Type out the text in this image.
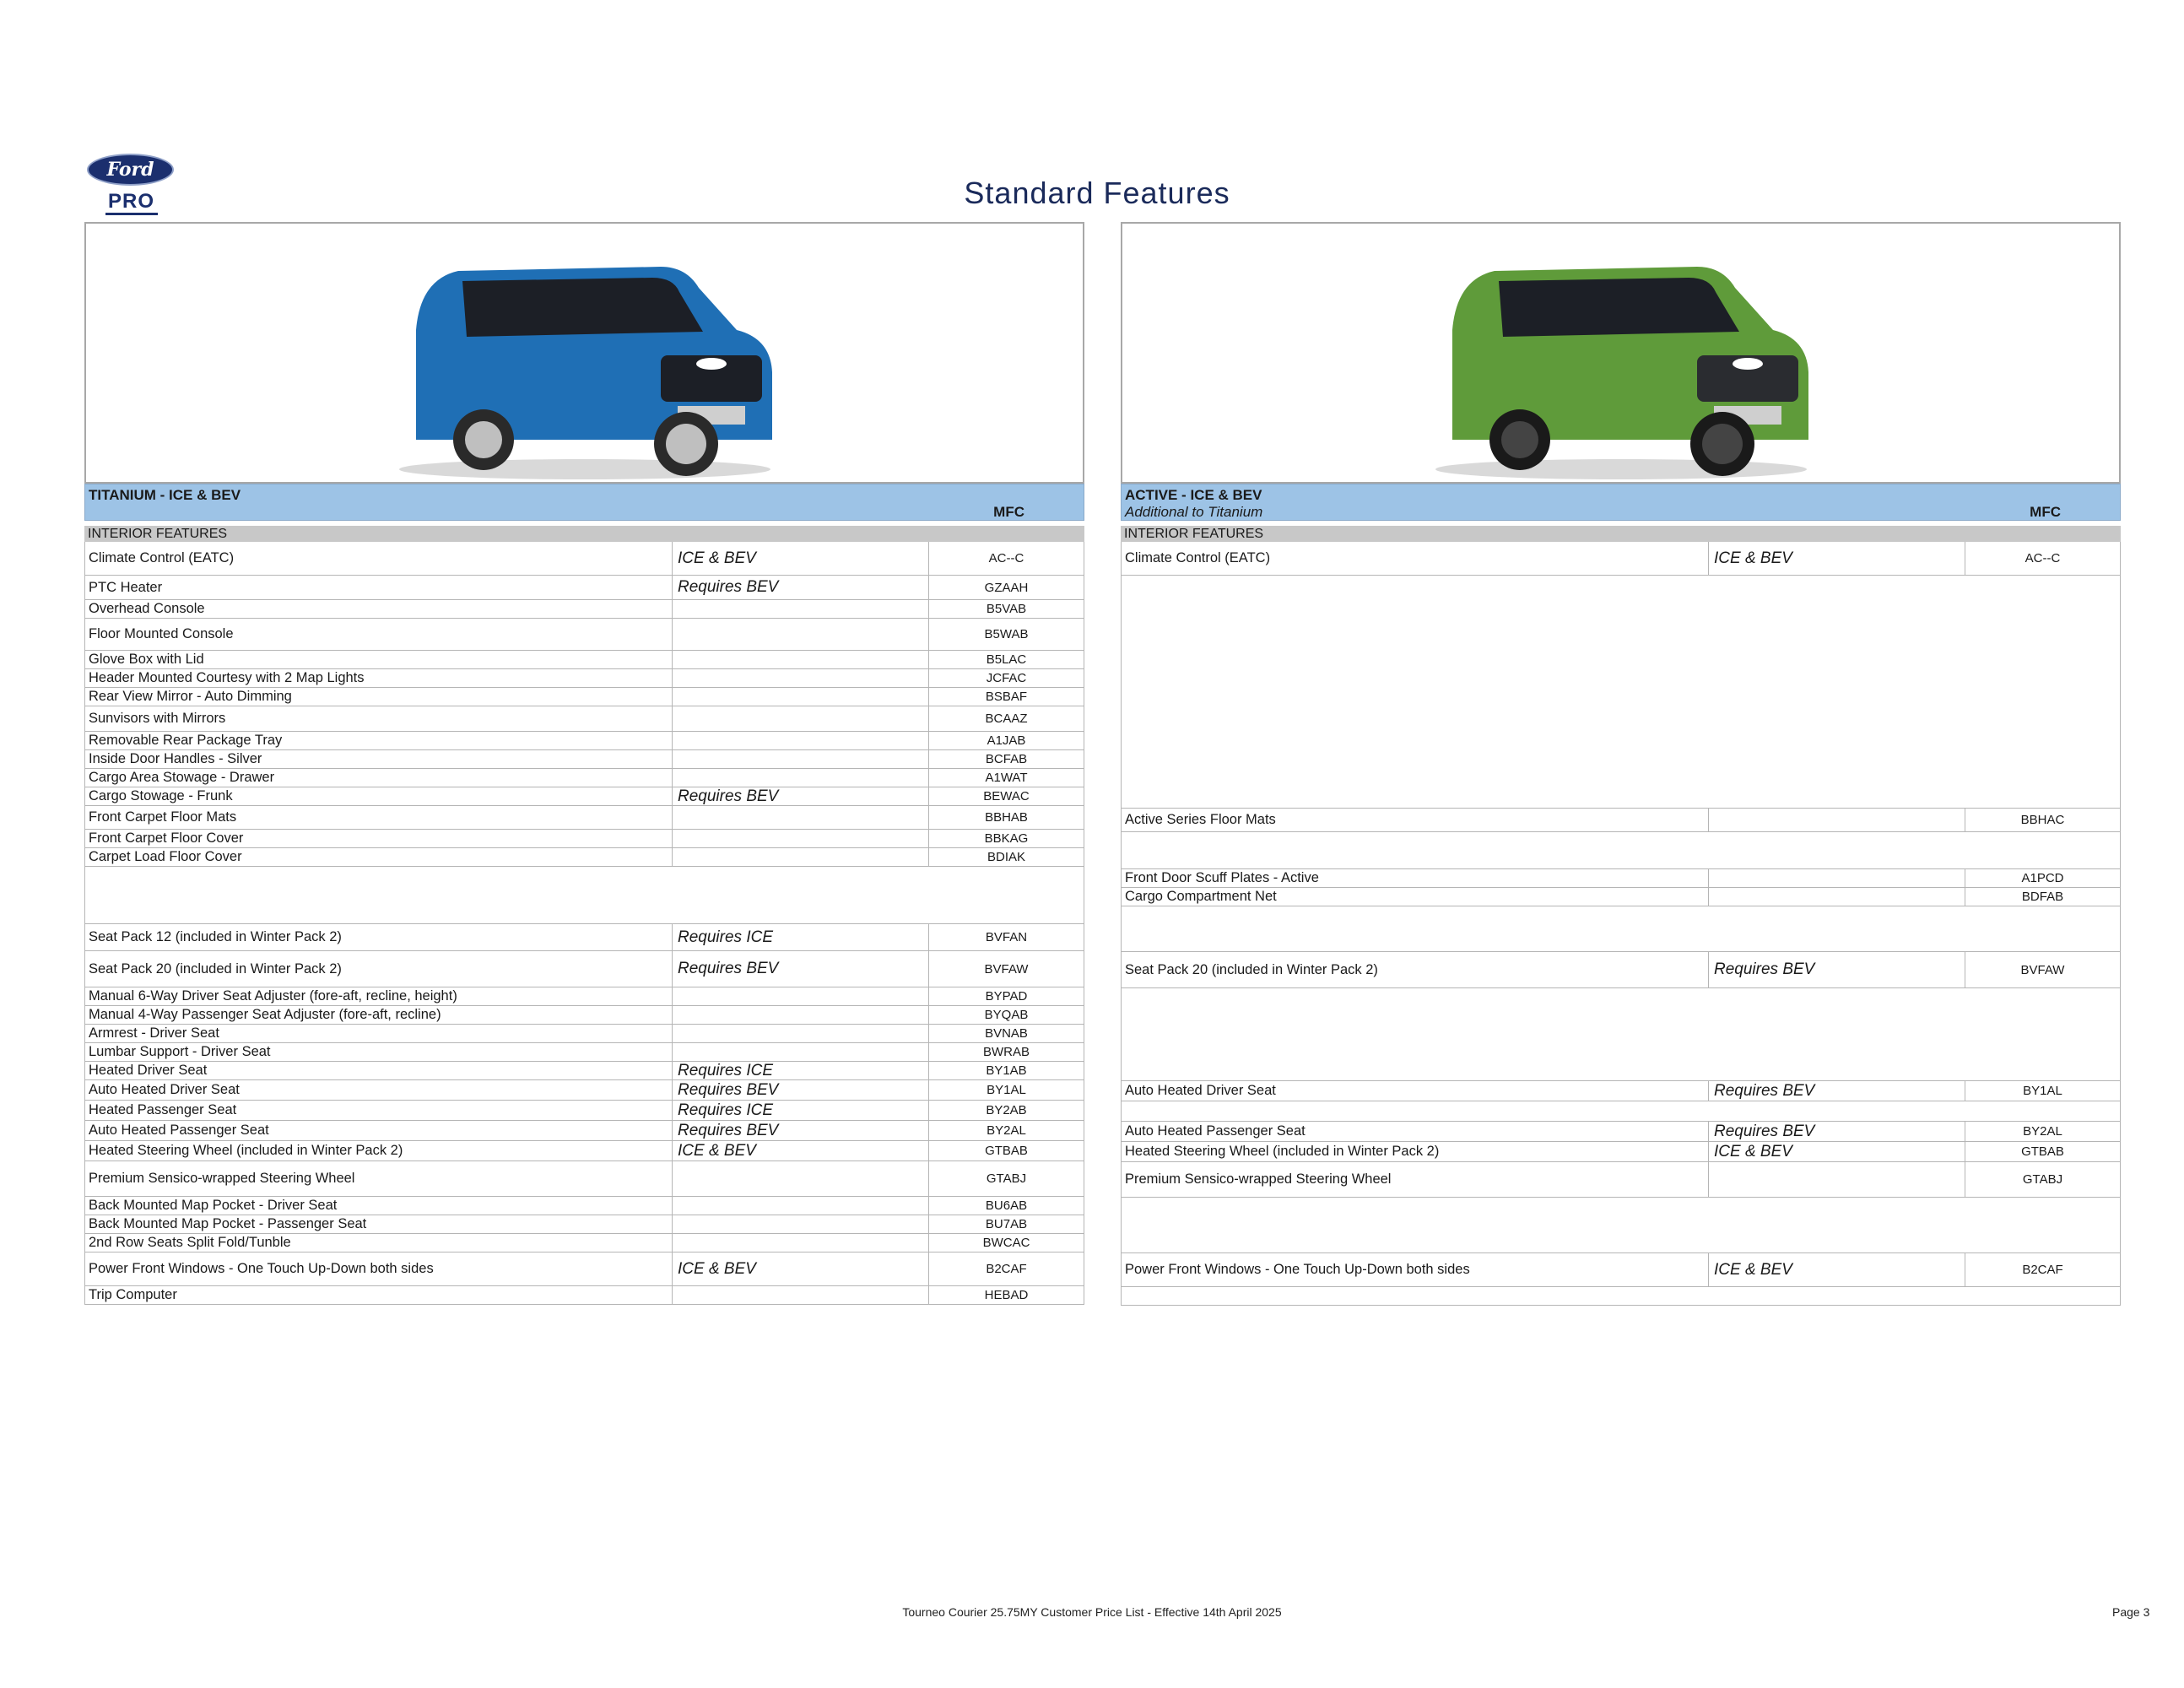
Ford
PRO	Standard Features
TITANIUM - ICE & BEV
MFC
INTERIOR FEATURES
Climate Control (EATC)	ICE & BEV	AC--C
PTC Heater	Requires BEV	GZAAH
Overhead Console	B5VAB
Floor Mounted Console	B5WAB
Glove Box with Lid	B5LAC
Header Mounted Courtesy with 2 Map Lights	JCFAC
Rear View Mirror - Auto Dimming	BSBAF
Sunvisors with Mirrors	BCAAZ
Removable Rear Package Tray	A1JAB
Inside Door Handles - Silver	BCFAB
Cargo Area Stowage - Drawer	A1WAT
Cargo Stowage - Frunk	Requires BEV	BEWAC
Front Carpet Floor Mats	BBHAB
Front Carpet Floor Cover	BBKAG
Carpet Load Floor Cover	BDIAK
Seat Pack 12 (included in Winter Pack 2)	Requires ICE	BVFAN
Seat Pack 20 (included in Winter Pack 2)	Requires BEV	BVFAW
Manual 6-Way Driver Seat Adjuster (fore-aft, recline, height)	BYPAD
Manual 4-Way Passenger Seat Adjuster (fore-aft, recline)	BYQAB
Armrest - Driver Seat	BVNAB
Lumbar Support - Driver Seat	BWRAB
Heated Driver Seat	Requires ICE	BY1AB
Auto Heated Driver Seat	Requires BEV	BY1AL
Heated Passenger Seat	Requires ICE	BY2AB
Auto Heated Passenger Seat	Requires BEV	BY2AL
Heated Steering Wheel (included in Winter Pack 2)	ICE & BEV	GTBAB
Premium Sensico-wrapped Steering Wheel	GTABJ
Back Mounted Map Pocket - Driver Seat	BU6AB
Back Mounted Map Pocket - Passenger Seat	BU7AB
2nd Row Seats Split Fold/Tunble	BWCAC
Power Front Windows - One Touch Up-Down both sides	ICE & BEV	B2CAF
Trip Computer	HEBAD
ACTIVE - ICE & BEV
Additional to Titanium	MFC
INTERIOR FEATURES
Climate Control (EATC)	ICE & BEV	AC--C
Active Series Floor Mats	BBHAC
Front Door Scuff Plates - Active	A1PCD
Cargo Compartment Net	BDFAB
Seat Pack 20 (included in Winter Pack 2)	Requires BEV	BVFAW
Auto Heated Driver Seat	Requires BEV	BY1AL
Auto Heated Passenger Seat	Requires BEV	BY2AL
Heated Steering Wheel (included in Winter Pack 2)	ICE & BEV	GTBAB
Premium Sensico-wrapped Steering Wheel	GTABJ
Power Front Windows - One Touch Up-Down both sides	ICE & BEV	B2CAF
Tourneo Courier 25.75MY Customer Price List - Effective 14th April 2025	Page 3
